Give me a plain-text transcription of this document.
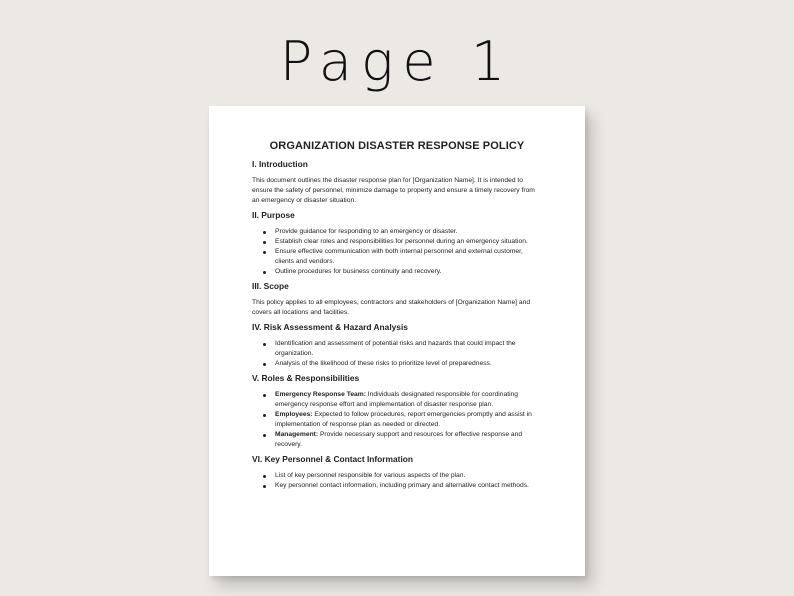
Page 1
ORGANIZATION DISASTER RESPONSE POLICY
I. Introduction

This document outlines the disaster response plan for [Organization Name]. It is intended to ensure the safety of personnel, minimize damage to property and ensure a timely recovery from an emergency or disaster situation.

II. Purpose
Provide guidance for responding to an emergency or disaster.
Establish clear roles and responsibilities for personnel during an emergency situation.
Ensure effective communication with both internal personnel and external customer, clients and vendors.
Outline procedures for business continuity and recovery.
III. Scope

This policy applies to all employees, contractors and stakeholders of [Organization Name] and covers all locations and facilities.

IV. Risk Assessment & Hazard Analysis
Identification and assessment of potential risks and hazards that could impact the organization.
Analysis of the likelihood of these risks to prioritize level of preparedness.
V. Roles & Responsibilities
Emergency Response Team: Individuals designated responsible for coordinating emergency response effort and implementation of disaster response plan.
Employees: Expected to follow procedures, report emergencies promptly and assist in implementation of response plan as needed or directed.
Management: Provide necessary support and resources for effective response and recovery.
VI. Key Personnel & Contact Information
List of key personnel responsible for various aspects of the plan.
Key personnel contact information, including primary and alternative contact methods.
